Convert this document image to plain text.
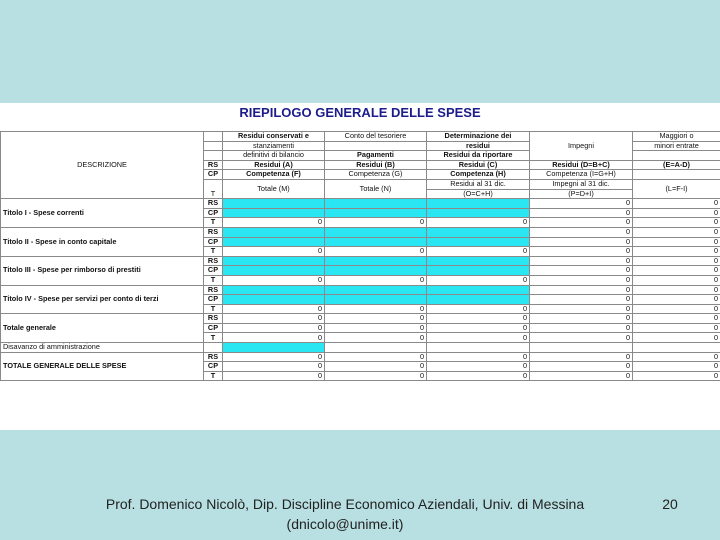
RIEPILOGO GENERALE DELLE SPESE
DESCRIZIONE		Residui conservati e	Conto del tesoriere	Determinazione dei	Impegni	Maggiori o
		stanziamenti		residui		minori entrate
		definitivi di bilancio	Pagamenti	Residui da riportare		
	RS	Residui (A)	Residui (B)	Residui (C)	Residui (D=B+C)	(E=A-D)
	CP	Competenza (F)	Competenza (G)	Competenza (H)	Competenza (I=G+H)	
	T	Totale (M)	Totale (N)	Residui al 31 dic.	Impegni al 31 dic.	(L=F-I)
				(O=C+H)	(P=D+I)	
Titolo I - Spese correnti	RS				0	0
	CP				0	0
	T	0	0	0	0	0
Titolo II - Spese in conto capitale	RS				0	0
	CP				0	0
	T	0	0	0	0	0
Titolo III - Spese per rimborso di prestiti	RS				0	0
	CP				0	0
	T	0	0	0	0	0
Titolo IV - Spese per servizi per conto di terzi	RS				0	0
	CP				0	0
	T	0	0	0	0	0
Totale generale	RS	0	0	0	0	0
	CP	0	0	0	0	0
	T	0	0	0	0	0
Disavanzo di amministrazione						
TOTALE GENERALE DELLE SPESE	RS	0	0	0	0	0
	CP	0	0	0	0	0
	T	0	0	0	0	0
Prof. Domenico Nicolò, Dip. Discipline Economico Aziendali, Univ. di Messina
(dnicolo@unime.it)
20
